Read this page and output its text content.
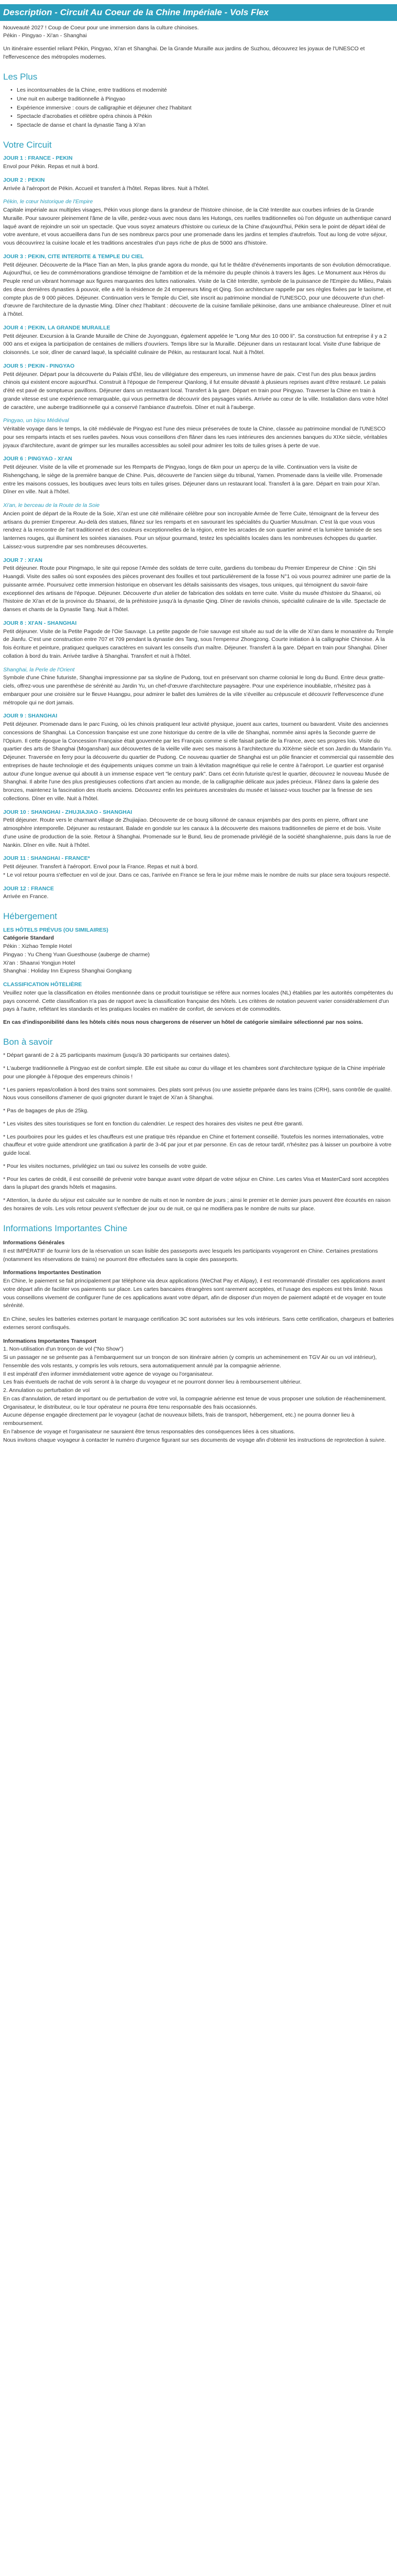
Description - Circuit Au Coeur de la Chine Impériale - Vols Flex

Nouveauté 2027 ! Coup de Coeur pour une immersion dans la culture chinoises.
Pékin - Pingyao - Xi'an - Shanghai

Un itinéraire essentiel reliant Pékin, Pingyao, Xi'an et Shanghai. De la Grande Muraille aux jardins de Suzhou, découvrez les joyaux de l'UNESCO et l'effervescence des métropoles modernes.

Les Plus
• Les incontournables de la Chine, entre traditions et modernité
• Une nuit en auberge traditionnelle à Pingyao
• Expérience immersive : cours de calligraphie et déjeuner chez l'habitant
• Spectacle d'acrobaties et célèbre opéra chinois à Pékin
• Spectacle de danse et chant la dynastie Tang à Xi'an
Votre Circuit
JOUR 1 : FRANCE - PEKIN

Envol pour Pékin. Repas et nuit à bord.

JOUR 2 : PEKIN

Arrivée à l'aéroport de Pékin. Accueil et transfert à l'hôtel. Repas libres. Nuit à l'hôtel.

Pékin, le cœur historique de l'Empire

Capitale impériale aux multiples visages, Pékin vous plonge dans la grandeur de l'histoire chinoise, de la Cité Interdite aux courbes infinies de la Grande Muraille. Pour savourer pleinement l'âme de la ville, perdez-vous avec nous dans les Hutongs, ces ruelles traditionnelles où l'on déguste un authentique canard laqué avant de rejoindre un soir un spectacle. Que vous soyez amateurs d'histoire ou curieux de la Chine d'aujourd'hui, Pékin sera le point de départ idéal de votre aventure, et vous accueillera dans l'un de ses nombreux parcs pour une promenade dans les jardins et temples d'autrefois. Tout au long de votre séjour, vous découvrirez la cuisine locale et les traditions ancestrales d'un pays riche de plus de 5000 ans d'histoire.

JOUR 3 : PEKIN, CITE INTERDITE & TEMPLE DU CIEL

Petit déjeuner. Découverte de la Place Tian an Men, la plus grande agora du monde, qui fut le théâtre d'événements importants de son évolution démocratique. Aujourd'hui, ce lieu de commémorations grandiose témoigne de l'ambition et de la mémoire du peuple chinois à travers les âges. Le Monument aux Héros du Peuple rend un vibrant hommage aux figures marquantes des luttes nationales. Visite de la Cité Interdite, symbole de la puissance de l'Empire du Milieu, Palais des deux dernières dynasties à pouvoir, elle a été la résidence de 24 empereurs Ming et Qing. Son architecture rappelle par ses règles fixées par le taoïsme, et compte plus de 9 000 pièces. Déjeuner. Continuation vers le Temple du Ciel, site inscrit au patrimoine mondial de l'UNESCO, pour une découverte d'un chef-d'œuvre de l'architecture de la dynastie Ming. Dîner chez l'habitant : découverte de la cuisine familiale pékinoise, dans une ambiance chaleureuse. Dîner et nuit à l'hôtel.

JOUR 4 : PEKIN, LA GRANDE MURAILLE

Petit déjeuner. Excursion à la Grande Muraille de Chine de Juyongguan, également appelée le "Long Mur des 10 000 li". Sa construction fut entreprise il y a 2 000 ans et exigea la participation de centaines de milliers d'ouvriers. Temps libre sur la Muraille. Déjeuner dans un restaurant local. Visite d'une fabrique de cloisonnés. Le soir, dîner de canard laqué, la spécialité culinaire de Pékin, au restaurant local. Nuit à l'hôtel.

JOUR 5 : PEKIN - PINGYAO

Petit déjeuner. Départ pour la découverte du Palais d'Été, lieu de villégiature des empereurs, un immense havre de paix. C'est l'un des plus beaux jardins chinois qui existent encore aujourd'hui. Construit à l'époque de l'empereur Qianlong, il fut ensuite dévasté à plusieurs reprises avant d'être restauré. Le palais d'été est pavé de somptueux pavillons. Déjeuner dans un restaurant local. Transfert à la gare. Départ en train pour Pingyao. Traverser la Chine en train à grande vitesse est une expérience remarquable, qui vous permettra de découvrir des paysages variés. Arrivée au cœur de la ville. Installation dans votre hôtel de caractère, une auberge traditionnelle qui a conservé l'ambiance d'autrefois. Dîner et nuit à l'auberge.

Pingyao, un bijou Médiéval

Véritable voyage dans le temps, la cité médiévale de Pingyao est l'une des mieux préservées de toute la Chine, classée au patrimoine mondial de l'UNESCO pour ses remparts intacts et ses ruelles pavées. Nous vous conseillons d'en flâner dans les rues intérieures des anciennes banques du XIXe siècle, véritables joyaux d'architecture, avant de grimper sur les murailles accessibles au soleil pour admirer les toits de tuiles grises à perte de vue.

JOUR 6 : PINGYAO - XI'AN

Petit déjeuner. Visite de la ville et promenade sur les Remparts de Pingyao, longs de 6km pour un aperçu de la ville. Continuation vers la visite de Rishengchang, le siège de la première banque de Chine. Puis, découverte de l'ancien siège du tribunal, Yamen. Promenade dans la vieille ville. Promenade entre les maisons cossues, les boutiques avec leurs toits en tuiles grises. Déjeuner dans un restaurant local. Transfert à la gare. Départ en train pour Xi'an. Dîner en ville. Nuit à l'hôtel.

Xi'an, le berceau de la Route de la Soie

Ancien point de départ de la Route de la Soie, Xi'an est une cité millénaire célèbre pour son incroyable Armée de Terre Cuite, témoignant de la ferveur des artisans du premier Empereur. Au-delà des statues, flânez sur les remparts et en savourant les spécialités du Quartier Musulman. C'est là que vous vous rendrez à la rencontre de l'art traditionnel et des couleurs exceptionnelles de la région, entre les arcades de son quartier animé et la lumière tamisée de ses lanternes rouges, qui illuminent les soirées xianaises. Pour un séjour gourmand, testez les spécialités locales dans les nombreuses échoppes du quartier. Laissez-vous surprendre par ses nombreuses découvertes.

JOUR 7 : XI'AN

Petit déjeuner. Route pour Pingmapo, le site qui repose l'Armée des soldats de terre cuite, gardiens du tombeau du Premier Empereur de Chine : Qin Shi Huangdi. Visite des salles où sont exposées des pièces provenant des fouilles et tout particulièrement de la fosse N°1 où vous pourrez admirer une partie de la puissante armée. Poursuivez cette immersion historique en observant les détails saisissants des visages, tous uniques, qui témoignent du savoir-faire exceptionnel des artisans de l'époque. Déjeuner. Découverte d'un atelier de fabrication des soldats en terre cuite. Visite du musée d'histoire du Shaanxi, où l'histoire de Xi'an et de la province du Shaanxi, de la préhistoire jusqu'à la dynastie Qing. Dîner de raviolis chinois, spécialité culinaire de la ville. Spectacle de danses et chants de la Dynastie Tang. Nuit à l'hôtel.

JOUR 8 : XI'AN - SHANGHAI

Petit déjeuner. Visite de la Petite Pagode de l'Oie Sauvage. La petite pagode de l'oie sauvage est située au sud de la ville de Xi'an dans le monastère du Temple de Jianfu. C'est une construction entre 707 et 709 pendant la dynastie des Tang, sous l'empereur Zhongzong. Courte initiation à la calligraphie Chinoise. À la fois écriture et peinture, pratiquez quelques caractères en suivant les conseils d'un maître. Déjeuner. Transfert à la gare. Départ en train pour Shanghai. Dîner collation à bord du train. Arrivée tardive à Shanghai. Transfert et nuit à l'hôtel.

Shanghai, la Perle de l'Orient

Symbole d'une Chine futuriste, Shanghai impressionne par sa skyline de Pudong, tout en préservant son charme colonial le long du Bund. Entre deux gratte-ciels, offrez-vous une parenthèse de sérénité au Jardin Yu, un chef-d'œuvre d'architecture paysagère. Pour une expérience inoubliable, n'hésitez pas à embarquer pour une croisière sur le fleuve Huangpu, pour admirer le ballet des lumières de la ville s'éveiller au crépuscule et découvrir l'effervescence d'une métropole qui ne dort jamais.

JOUR 9 : SHANGHAI

Petit déjeuner. Promenade dans le parc Fuxing, où les chinois pratiquent leur activité physique, jouent aux cartes, tournent ou bavardent. Visite des anciennes concessions de Shanghai. La Concession française est une zone historique du centre de la ville de Shanghai, nommée ainsi après la Seconde guerre de l'Opium. Il cette époque la Concession Française était gouvernée par les Français comme si elle faisait partie de la France, avec ses propres lois. Visite du quartier des arts de Shanghai (Moganshan) aux découvertes de la vieille ville avec ses maisons à l'architecture du XIXème siècle et son Jardin du Mandarin Yu. Déjeuner. Traversée en ferry pour la découverte du quartier de Pudong. Ce nouveau quartier de Shanghai est un pôle financier et commercial qui rassemble des entreprises de haute technologie et des équipements uniques comme un train à lévitation magnétique qui relie le centre à l'aéroport. Le quartier est organisé autour d'une longue avenue qui aboutit à un immense espace vert "le century park". Dans cet écrin futuriste qu'est le quartier, découvrez le nouveau Musée de Shanghai. Il abrite l'une des plus prestigieuses collections d'art ancien au monde, de la calligraphie délicate aux jades précieux. Flânez dans la galerie des bronzes, maintenez la fascination des rituels anciens. Découvrez enfin les peintures ancestrales du musée et laissez-vous toucher par la finesse de ses collections. Dîner en ville. Nuit à l'hôtel.

JOUR 10 : SHANGHAI - ZHUJIAJIAO - SHANGHAI

Petit déjeuner. Route vers le charmant village de Zhujiajiao. Découverte de ce bourg sillonné de canaux enjambés par des ponts en pierre, offrant une atmosphère intemporelle. Déjeuner au restaurant. Balade en gondole sur les canaux à la découverte des maisons traditionnelles de pierre et de bois. Visite d'une usine de production de la soie. Retour à Shanghai. Promenade sur le Bund, lieu de promenade privilégié de la société shanghaïenne, puis dans la rue de Nankin. Dîner en ville. Nuit à l'hôtel.

JOUR 11 : SHANGHAI - FRANCE*

Petit déjeuner. Transfert à l'aéroport. Envol pour la France. Repas et nuit à bord.
* Le vol retour pourra s'effectuer en vol de jour. Dans ce cas, l'arrivée en France se fera le jour même mais le nombre de nuits sur place sera toujours respecté.

JOUR 12 : FRANCE

Arrivée en France.

Hébergement
LES HÔTELS PRÉVUS (OU SIMILAIRES)
Catégorie Standard
Pékin : Xizhao Temple Hotel
Pingyao : Yu Cheng Yuan Guesthouse (auberge de charme)
Xi'an : Shaanxi Yongjun Hotel
Shanghai : Holiday Inn Express Shanghai Gongkang
CLASSIFICATION HÔTELIÈRE

Veuillez noter que la classification en étoiles mentionnée dans ce produit touristique se réfère aux normes locales (NL) établies par les autorités compétentes du pays concerné. Cette classification n'a pas de rapport avec la classification française des hôtels. Les critères de notation peuvent varier considérablement d'un pays à l'autre, reflétant les standards et les pratiques locales en matière de confort, de services et de commodités.

En cas d'indisponibilité dans les hôtels cités nous nous chargerons de réserver un hôtel de catégorie similaire sélectionné par nos soins.

Bon à savoir

* Départ garanti de 2 à 25 participants maximum (jusqu'à 30 participants sur certaines dates).

* L'auberge traditionnelle à Pingyao est de confort simple. Elle est située au cœur du village et les chambres sont d'architecture typique de la Chine impériale pour une plongée à l'époque des empereurs chinois !

* Les paniers repas/collation à bord des trains sont sommaires. Des plats sont prévus (ou une assiette préparée dans les trains (CRH), sans contrôle de qualité. Nous vous conseillons d'amener de quoi grignoter durant le trajet de Xi'an à Shanghai.

* Pas de bagages de plus de 25kg.

* Les visites des sites touristiques se font en fonction du calendrier. Le respect des horaires des visites ne peut être garanti.

* Les pourboires pour les guides et les chauffeurs est une pratique très répandue en Chine et fortement conseillé. Toutefois les normes internationales, votre chauffeur et votre guide attendront une gratification à partir de 3-4€ par jour et par personne. En cas de retour tardif, n'hésitez pas à laisser un pourboire à votre guide local.

* Pour les visites nocturnes, privilégiez un taxi ou suivez les conseils de votre guide.

* Pour les cartes de crédit, il est conseillé de prévenir votre banque avant votre départ de votre séjour en Chine. Les cartes Visa et MasterCard sont acceptées dans la plupart des grands hôtels et magasins.

* Attention, la durée du séjour est calculée sur le nombre de nuits et non le nombre de jours ; ainsi le premier et le dernier jours peuvent être écourtés en raison des horaires de vols. Les vols retour peuvent s'effectuer de jour ou de nuit, ce qui ne modifiera pas le nombre de nuits sur place.

Informations Importantes Chine
Informations Générales

Il est IMPÉRATIF de fournir lors de la réservation un scan lisible des passeports avec lesquels les participants voyageront en Chine. Certaines prestations (notamment les réservations de trains) ne pourront être effectuées sans la copie des passeports.

Informations Importantes Destination

En Chine, le paiement se fait principalement par téléphone via deux applications (WeChat Pay et Alipay), il est recommandé d'installer ces applications avant votre départ afin de faciliter vos paiements sur place. Les cartes bancaires étrangères sont rarement acceptées, et l'usage des espèces est très limité. Nous vous conseillons vivement de configurer l'une de ces applications avant votre départ, afin de disposer d'un moyen de paiement adapté et de voyager en toute sérénité.

En Chine, seules les batteries externes portant le marquage certification 3C sont autorisées sur les vols intérieurs. Sans cette certification, chargeurs et batteries externes seront confisqués.

Informations Importantes Transport

1. Non-utilisation d'un tronçon de vol ("No Show")
Si un passager ne se présente pas à l'embarquement sur un tronçon de son itinéraire aérien (y compris un acheminement en TGV Air ou un vol intérieur), l'ensemble des vols restants, y compris les vols retours, sera automatiquement annulé par la compagnie aérienne.
Il est impératif d'en informer immédiatement votre agence de voyage ou l'organisateur.
Les frais éventuels de rachat de vols seront à la charge du voyageur et ne pourront donner lieu à remboursement ultérieur.
2. Annulation ou perturbation de vol
En cas d'annulation, de retard important ou de perturbation de votre vol, la compagnie aérienne est tenue de vous proposer une solution de réacheminement.
Organisateur, le distributeur, ou le tour opérateur ne pourra être tenu responsable des frais occasionnés.
Aucune dépense engagée directement par le voyageur (achat de nouveaux billets, frais de transport, hébergement, etc.) ne pourra donner lieu à remboursement.
En l'absence de voyage et l'organisateur ne sauraient être tenus responsables des conséquences liées à ces situations.
Nous invitons chaque voyageur à contacter le numéro d'urgence figurant sur ses documents de voyage afin d'obtenir les instructions de reprotection à suivre.
